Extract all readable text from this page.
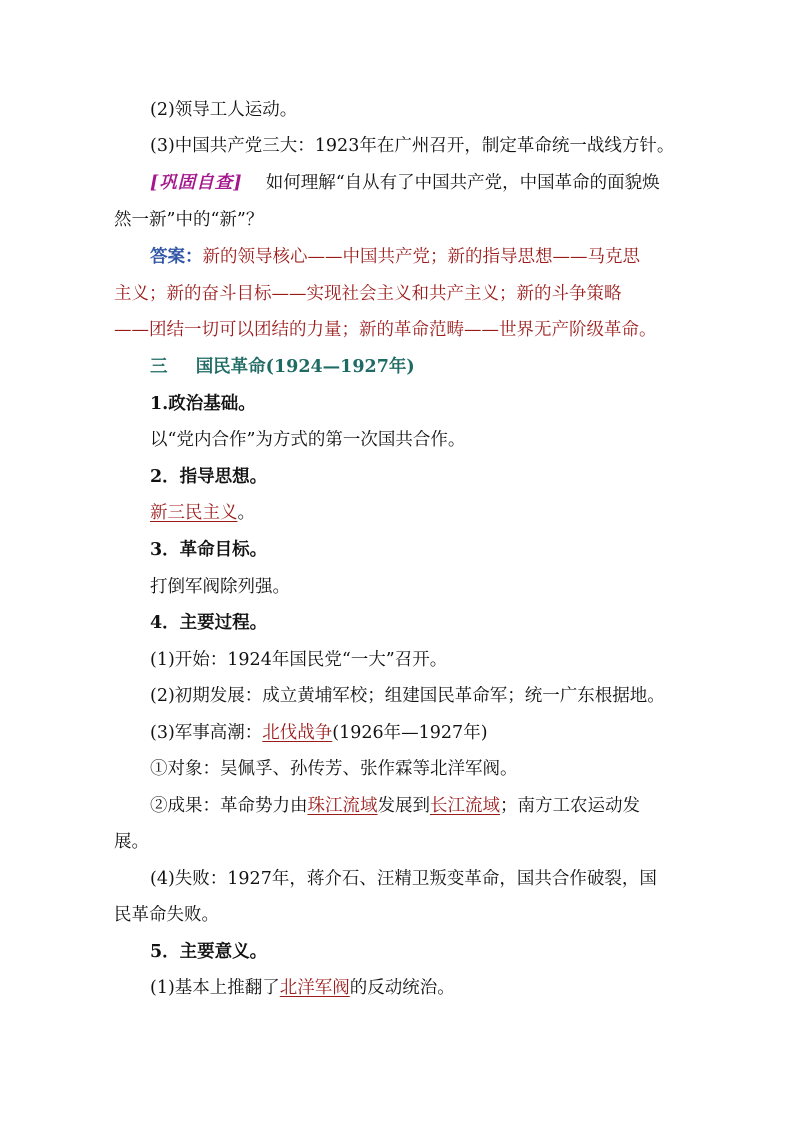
(2)领导工人运动。
(3)中国共产党三大：1923年在广州召开，制定革命统一战线方针。
[巩固自查] 如何理解“自从有了中国共产党，中国革命的面貌焕
然一新”中的“新”？
答案：新的领导核心——中国共产党；新的指导思想——马克思
主义；新的奋斗目标——实现社会主义和共产主义；新的斗争策略
——团结一切可以团结的力量；新的革命范畴——世界无产阶级革命。
三 国民革命(1924—1927年)
1.政治基础。
以“党内合作”为方式的第一次国共合作。
2．指导思想。
新三民主义。
3．革命目标。
打倒军阀除列强。
4．主要过程。
(1)开始：1924年国民党“一大”召开。
(2)初期发展：成立黄埔军校；组建国民革命军；统一广东根据地。
(3)军事高潮：北伐战争(1926年—1927年)
①对象：吴佩孚、孙传芳、张作霖等北洋军阀。
②成果：革命势力由珠江流域发展到长江流域；南方工农运动发
展。
(4)失败：1927年，蒋介石、汪精卫叛变革命，国共合作破裂，国
民革命失败。
5．主要意义。
(1)基本上推翻了北洋军阀的反动统治。
